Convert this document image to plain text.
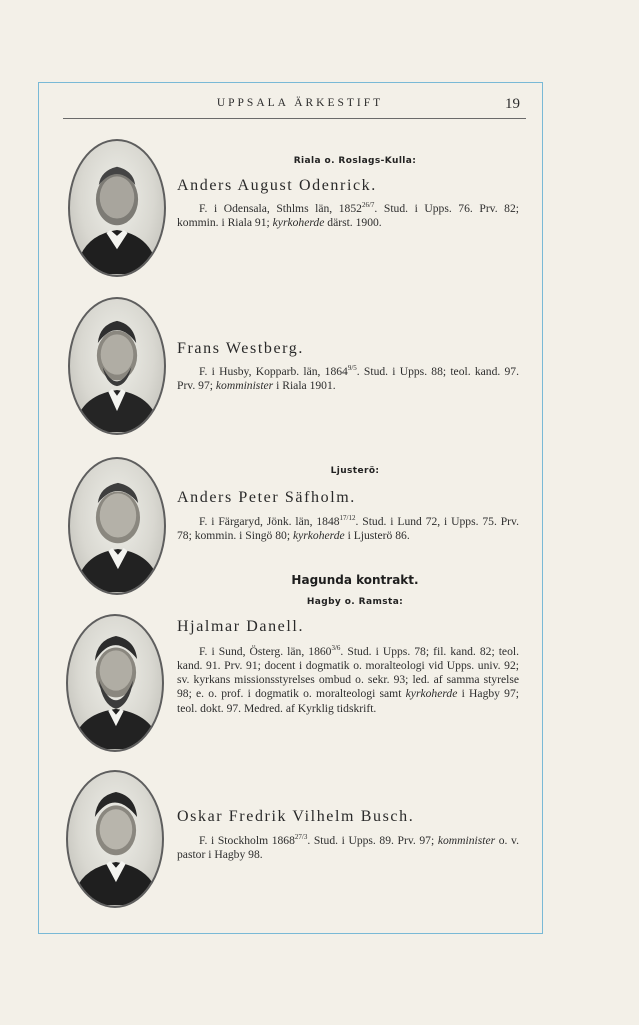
UPPSALA ÄRKESTIFT	19
Riala o. Roslags-Kulla:
Anders August Odenrick.

F. i Odensala, Sthlms län, $1852^{26/7}$. Stud. i Upps. 76. Prv. 82; kommin. i Riala 91; kyrkoherde därst. 1900.

Frans Westberg.

F. i Husby, Kopparb. län, $1864^{9/5}$. Stud. i Upps. 88; teol. kand. 97. Prv. 97; komminister i Riala 1901.

Ljusterö:
Anders Peter Säfholm.

F. i Färgaryd, Jönk. län, $1848^{17/12}$. Stud. i Lund 72, i Upps. 75. Prv. 78; kommin. i Singö 80; kyrkoherde i Ljusterö 86.

Hagunda kontrakt.
Hagby o. Ramsta:
Hjalmar Danell.

F. i Sund, Österg. län, $1860^{3/6}$. Stud. i Upps. 78; fil. kand. 82; teol. kand. 91. Prv. 91; docent i dogmatik o. moralteologi vid Upps. univ. 92; sv. kyrkans missionsstyrelses ombud o. sekr. 93; led. af samma styrelse 98; e. o. prof. i dogmatik o. moralteologi samt kyrkoherde i Hagby 97; teol. dokt. 97. Medred. af Kyrklig tidskrift.

Oskar Fredrik Vilhelm Busch.

F. i Stockholm $1868^{27/3}$. Stud. i Upps. 89. Prv. 97; komminister o. v. pastor i Hagby 98.
